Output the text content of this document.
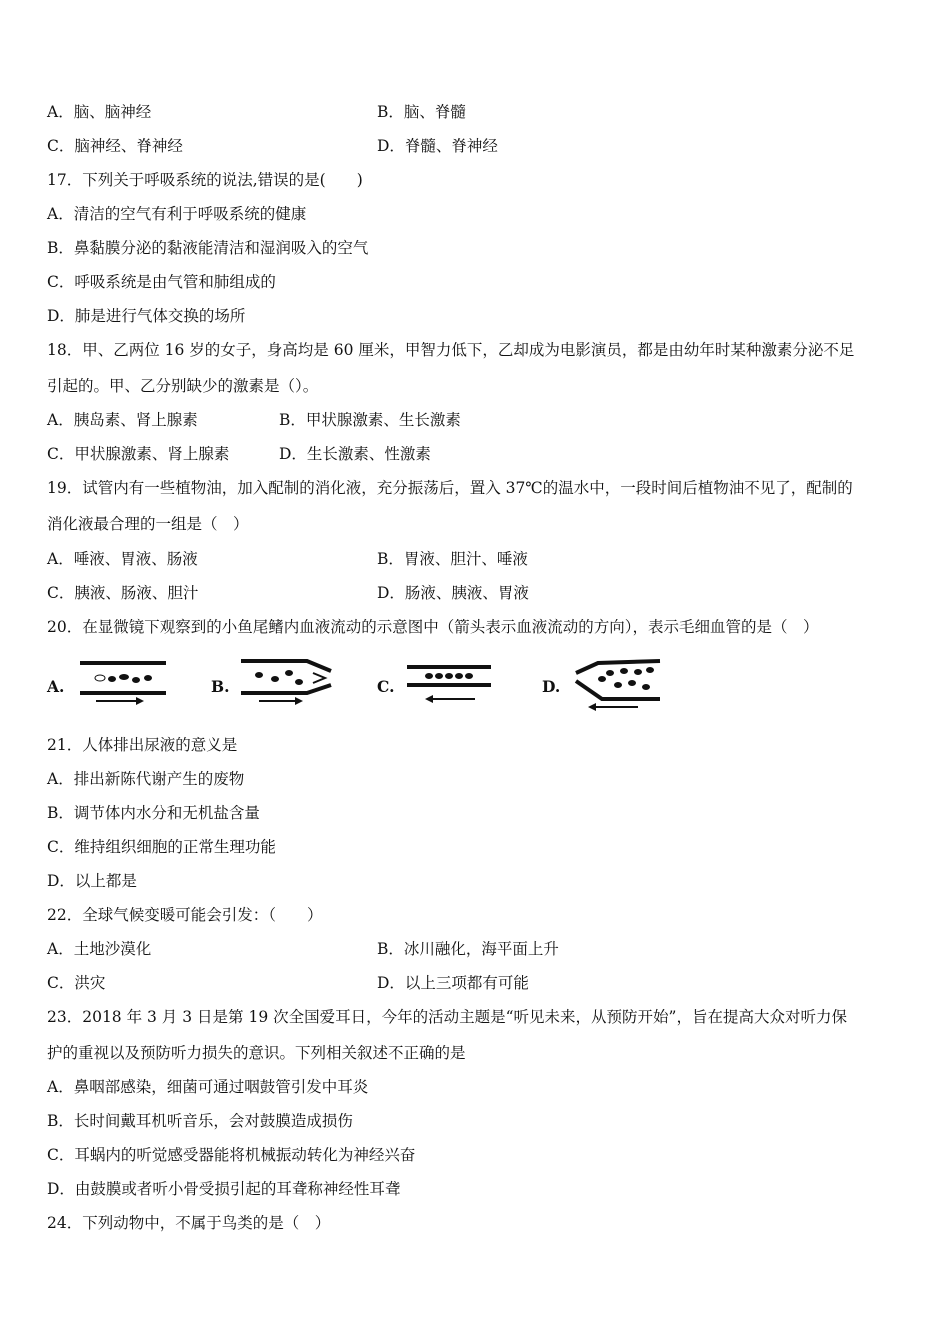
A．脑、脑神经	B．脑、脊髓
C．脑神经、脊神经	D．脊髓、脊神经
17．下列关于呼吸系统的说法,错误的是(　　)
A．清洁的空气有利于呼吸系统的健康
B．鼻黏膜分泌的黏液能清洁和湿润吸入的空气
C．呼吸系统是由气管和肺组成的
D．肺是进行气体交换的场所
18．甲、乙两位 16 岁的女子，身高均是 60 厘米，甲智力低下，乙却成为电影演员，都是由幼年时某种激素分泌不足
引起的。甲、乙分别缺少的激素是（）。
A．胰岛素、肾上腺素	B．甲状腺激素、生长激素
C．甲状腺激素、肾上腺素	D．生长激素、性激素
19．试管内有一些植物油，加入配制的消化液，充分振荡后，置入 37℃的温水中，一段时间后植物油不见了，配制的
消化液最合理的一组是（　）
A．唾液、胃液、肠液	B．胃液、胆汁、唾液
C．胰液、肠液、胆汁	D．肠液、胰液、胃液
20．在显微镜下观察到的小鱼尾鳍内血液流动的示意图中（箭头表示血液流动的方向），表示毛细血管的是（　）
A.	B.	C.	D.
21．人体排出尿液的意义是
A．排出新陈代谢产生的废物
B．调节体内水分和无机盐含量
C．维持组织细胞的正常生理功能
D．以上都是
22．全球气候变暖可能会引发：（　　）
A．土地沙漠化	B．冰川融化，海平面上升
C．洪灾	D．以上三项都有可能
23．2018 年 3 月 3 日是第 19 次全国爱耳日，今年的活动主题是“听见未来，从预防开始”，旨在提高大众对听力保
护的重视以及预防听力损失的意识。下列相关叙述不正确的是
A．鼻咽部感染，细菌可通过咽鼓管引发中耳炎
B．长时间戴耳机听音乐，会对鼓膜造成损伤
C．耳蜗内的听觉感受器能将机械振动转化为神经兴奋
D．由鼓膜或者听小骨受损引起的耳聋称神经性耳聋
24．下列动物中，不属于鸟类的是（　）
